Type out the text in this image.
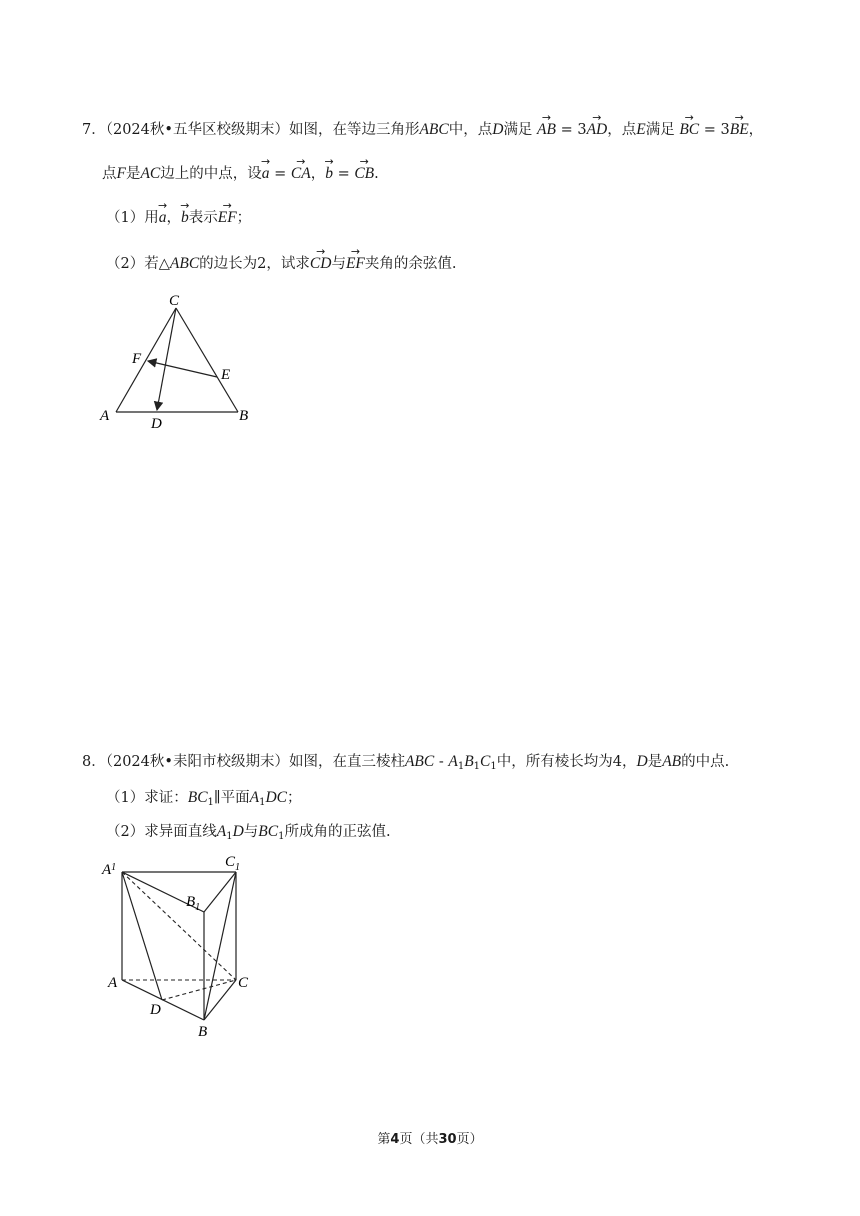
7．（2024秋•五华区校级期末）如图，在等边三角形ABC中，点D满足 → AB = 3→ AD，点E满足 → BC = 3→ BE，
点F是AC边上的中点，设→ a = → CA，→ b = → CB.
（1）用→ a，→ b表示→ EF；
（2）若△ABC的边长为2，试求→ CD与→ EF夹角的余弦值.
C
F
E
A	D	B
8．（2024秋•耒阳市校级期末）如图，在直三棱柱ABC ‐ $A_1B_1C_1$中，所有棱长均为4，D是AB的中点.
（1）求证：$BC_1\parallel$平面$A_1DC$；
（2）求异面直线$A_1D$与$BC_1$所成角的正弦值.
$A^1$	$C_1$
$B_1$
A	C
D
B
第4页（共30页）
